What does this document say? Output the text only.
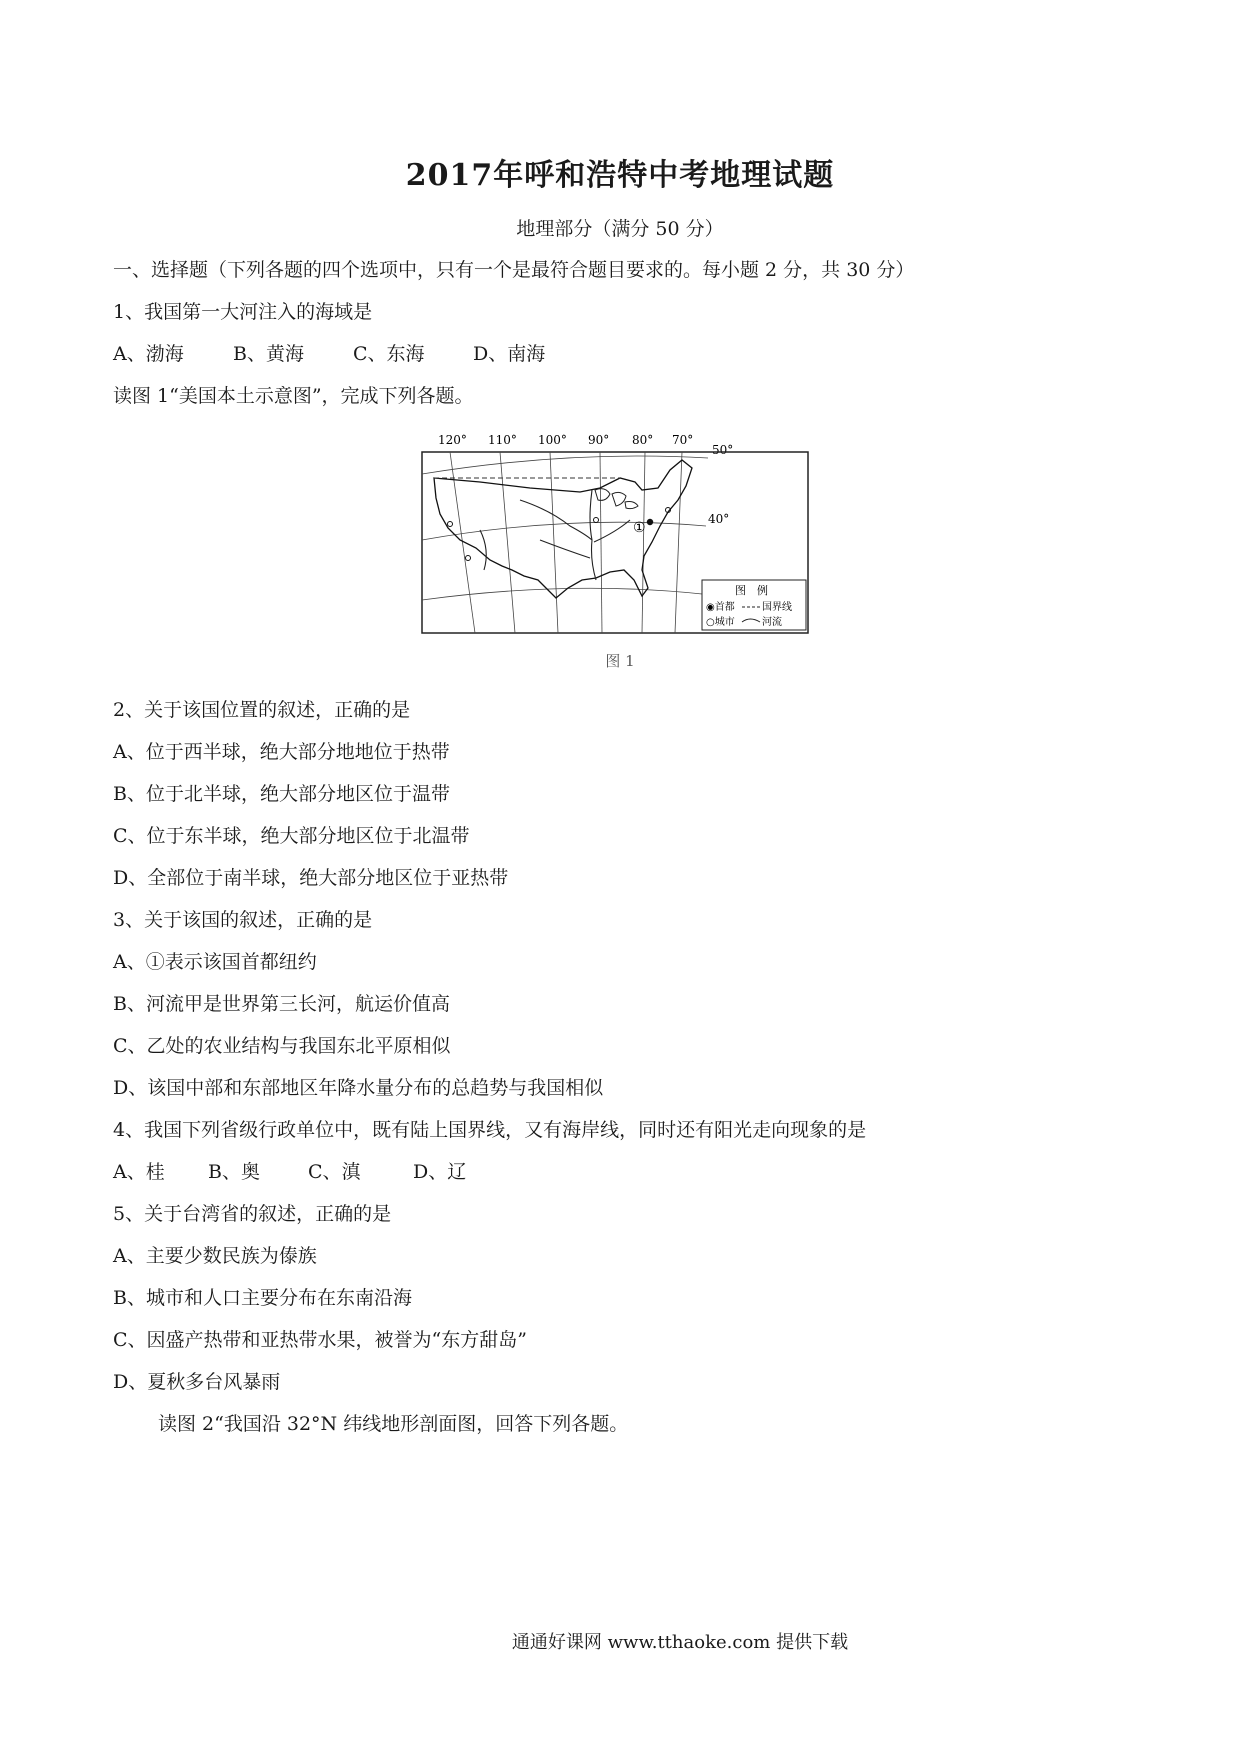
2017年呼和浩特中考地理试题
地理部分（满分 50 分）
一、选择题（下列各题的四个选项中，只有一个是最符合题目要求的。每小题 2 分，共 30 分）
1、我国第一大河注入的海域是
A、渤海	B、黄海	C、东海	D、南海
读图 1“美国本土示意图”，完成下列各题。
120° 110° 100° 90° 80° 70°
50°
40°
①
图　例
◉首都	国界线
○城市	河流
图 1
2、关于该国位置的叙述，正确的是
A、位于西半球，绝大部分地地位于热带
B、位于北半球，绝大部分地区位于温带
C、位于东半球，绝大部分地区位于北温带
D、全部位于南半球，绝大部分地区位于亚热带
3、关于该国的叙述，正确的是
A、①表示该国首都纽约
B、河流甲是世界第三长河，航运价值高
C、乙处的农业结构与我国东北平原相似
D、该国中部和东部地区年降水量分布的总趋势与我国相似
4、我国下列省级行政单位中，既有陆上国界线，又有海岸线，同时还有阳光走向现象的是
A、桂 B、奥	C、滇	D、辽
5、关于台湾省的叙述，正确的是
A、主要少数民族为傣族
B、城市和人口主要分布在东南沿海
C、因盛产热带和亚热带水果，被誉为“东方甜岛”
D、夏秋多台风暴雨
读图 2“我国沿 32°N 纬线地形剖面图，回答下列各题。
通通好课网 www.tthaoke.com 提供下载
